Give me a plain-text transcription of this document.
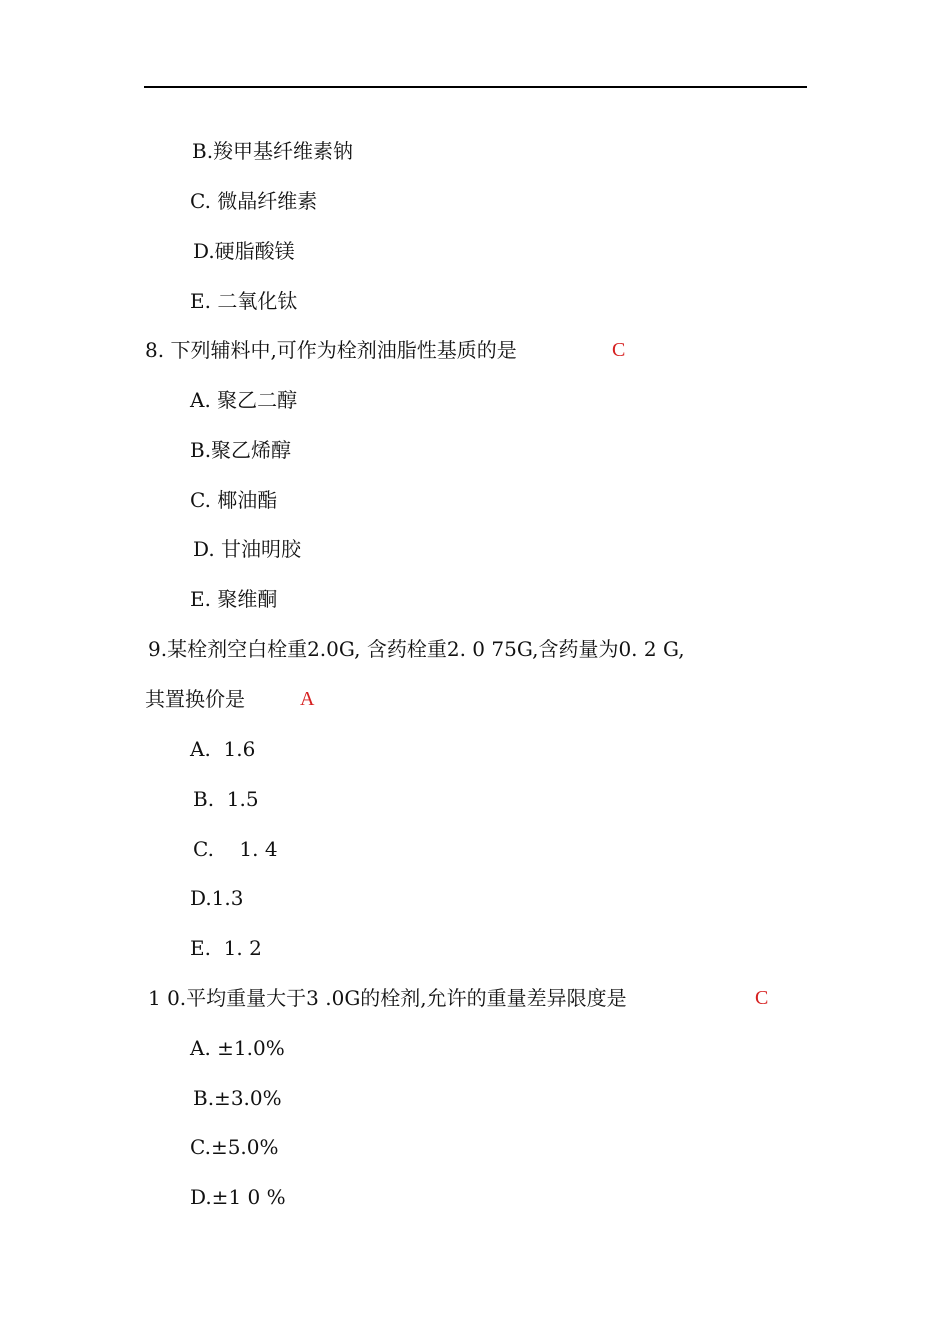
B.羧甲基纤维素钠
C. 微晶纤维素
D.硬脂酸镁
E. 二氧化钛
8. 下列辅料中,可作为栓剂油脂性基质的是	C
A. 聚乙二醇
B.聚乙烯醇
C. 椰油酯
D. 甘油明胶
E. 聚维酮
9.某栓剂空白栓重2.0G, 含药栓重2. 0 75G,含药量为0. 2 G,
其置换价是	A
A.  1.6
B.  1.5
C.    1. 4
D.1.3
E.  1. 2
1 0.平均重量大于3 .0G的栓剂,允许的重量差异限度是	C
A. ±1.0%
B.±3.0%
C.±5.0%
D.±1 0 %
